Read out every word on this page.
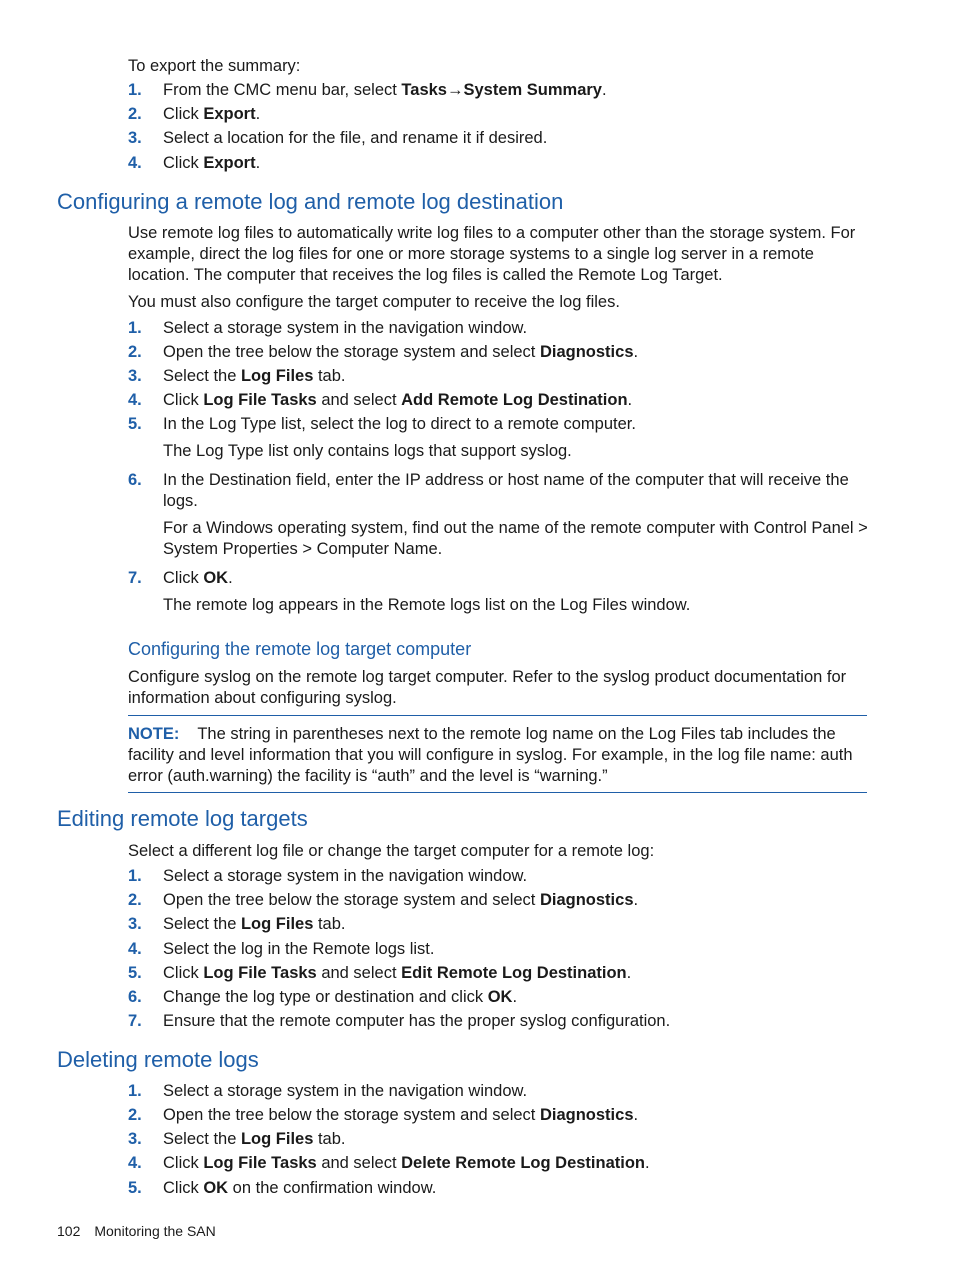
To export the summary:

1. From the CMC menu bar, select Tasks→System Summary.
2. Click Export.
3. Select a location for the file, and rename it if desired.
4. Click Export.
Configuring a remote log and remote log destination

Use remote log files to automatically write log files to a computer other than the storage system. For example, direct the log files for one or more storage systems to a single log server in a remote location. The computer that receives the log files is called the Remote Log Target.

You must also configure the target computer to receive the log files.

1. Select a storage system in the navigation window.
2. Open the tree below the storage system and select Diagnostics.
3. Select the Log Files tab.
4. Click Log File Tasks and select Add Remote Log Destination.
5. In the Log Type list, select the log to direct to a remote computer.

The Log Type list only contains logs that support syslog.

6. In the Destination field, enter the IP address or host name of the computer that will receive the logs.

For a Windows operating system, find out the name of the remote computer with Control Panel > System Properties > Computer Name.

7. Click OK.

The remote log appears in the Remote logs list on the Log Files window.

Configuring the remote log target computer

Configure syslog on the remote log target computer. Refer to the syslog product documentation for information about configuring syslog.

NOTE: The string in parentheses next to the remote log name on the Log Files tab includes the facility and level information that you will configure in syslog. For example, in the log file name: auth error (auth.warning) the facility is “auth” and the level is “warning.”

Editing remote log targets

Select a different log file or change the target computer for a remote log:

1. Select a storage system in the navigation window.
2. Open the tree below the storage system and select Diagnostics.
3. Select the Log Files tab.
4. Select the log in the Remote logs list.
5. Click Log File Tasks and select Edit Remote Log Destination.
6. Change the log type or destination and click OK.
7. Ensure that the remote computer has the proper syslog configuration.
Deleting remote logs
1. Select a storage system in the navigation window.
2. Open the tree below the storage system and select Diagnostics.
3. Select the Log Files tab.
4. Click Log File Tasks and select Delete Remote Log Destination.
5. Click OK on the confirmation window.
102 Monitoring the SAN
